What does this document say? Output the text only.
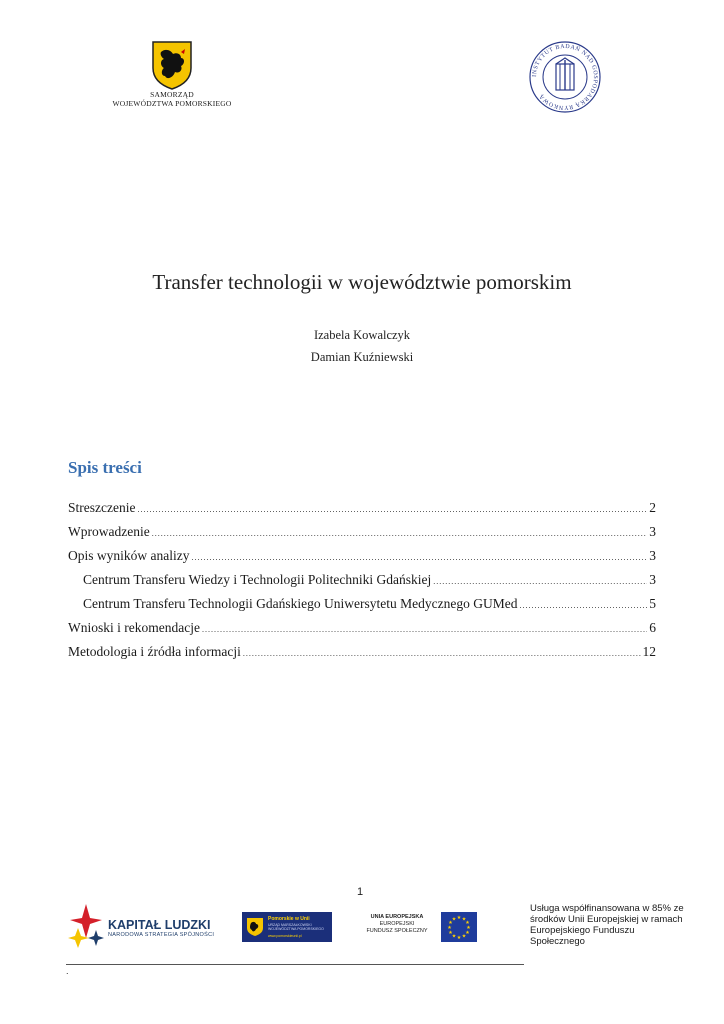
SAMORZĄD
WOJEWÓDZTWA POMORSKIEGO
INSTYTUT BADAŃ NAD GOSPODARKĄ RYNKOWĄ
Transfer technologii w województwie pomorskim
Izabela Kowalczyk
Damian Kuźniewski
Spis treści
Streszczenie .....	2
Wprowadzenie .....	3
Opis wyników analizy .....	3
Centrum Transferu Wiedzy i Technologii Politechniki Gdańskiej .....	3
Centrum Transferu Technologii Gdańskiego Uniwersytetu Medycznego GUMed .....	5
Wnioski i rekomendacje .....	6
Metodologia i źródła informacji .....	12
1
KAPITAŁ LUDZKI
NARODOWA STRATEGIA SPÓJNOŚCI
Pomorskie w Unii
URZĄD MARSZAŁKOWSKI WOJEWÓDZTWA POMORSKIEGO
www.pomorskieunii.pl
UNIA EUROPEJSKA
EUROPEJSKI
FUNDUSZ SPOŁECZNY
★ ★
★
★
★
★
★
★
★
★
★
★
Usługa współfinansowana w 85% ze środków Unii Europejskiej w ramach Europejskiego Funduszu Społecznego
.
